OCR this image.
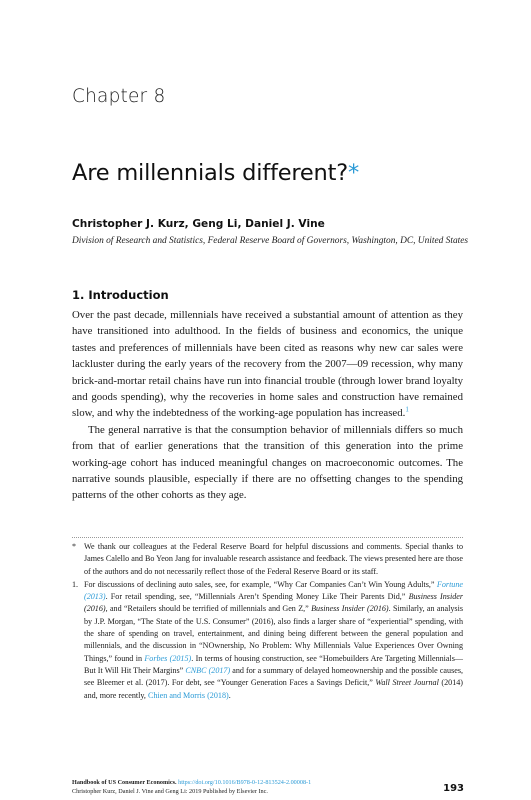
Chapter 8
Are millennials different?*
Christopher J. Kurz, Geng Li, Daniel J. Vine
Division of Research and Statistics, Federal Reserve Board of Governors, Washington, DC, United States
1. Introduction

Over the past decade, millennials have received a substantial amount of attention as they have transitioned into adulthood. In the fields of business and economics, the unique tastes and preferences of millennials have been cited as reasons why new car sales were lackluster during the early years of the recovery from the 2007—09 recession, why many brick-and-mortar retail chains have run into financial trouble (through lower brand loyalty and goods spending), why the recoveries in home sales and construction have remained slow, and why the indebtedness of the working-age population has increased.$^1$

The general narrative is that the consumption behavior of millennials differs so much from that of earlier generations that the transition of this generation into the prime working-age cohort has induced meaningful changes on macroeconomic outcomes. The narrative sounds plausible, especially if there are no offsetting changes to the spending patterns of the other cohorts as they age.

* We thank our colleagues at the Federal Reserve Board for helpful discussions and comments. Special thanks to James Calello and Bo Yeon Jang for invaluable research assistance and feedback. The views presented here are those of the authors and do not necessarily reflect those of the Federal Reserve Board or its staff.
1. For discussions of declining auto sales, see, for example, “Why Car Companies Can’t Win Young Adults,” Fortune (2013). For retail spending, see, “Millennials Aren’t Spending Money Like Their Parents Did,” Business Insider (2016), and “Retailers should be terrified of millennials and Gen Z,” Business Insider (2016). Similarly, an analysis by J.P. Morgan, “The State of the U.S. Consumer” (2016), also finds a larger share of “experiential” spending, with the share of spending on travel, entertainment, and dining being different between the general population and millennials, and the discussion in “NOwnership, No Problem: Why Millennials Value Experiences Over Owning Things,” found in Forbes (2015). In terms of housing construction, see “Homebuilders Are Targeting Millennials—But It Will Hit Their Margins” CNBC (2017) and for a summary of delayed homeownership and the possible causes, see Bleemer et al. (2017). For debt, see “Younger Generation Faces a Savings Deficit,” Wall Street Journal (2014) and, more recently, Chien and Morris (2018).
Handbook of US Consumer Economics. https://doi.org/10.1016/B978-0-12-813524-2.00008-1
Christopher Kurz, Daniel J. Vine and Geng Li: 2019 Published by Elsevier Inc.	193
